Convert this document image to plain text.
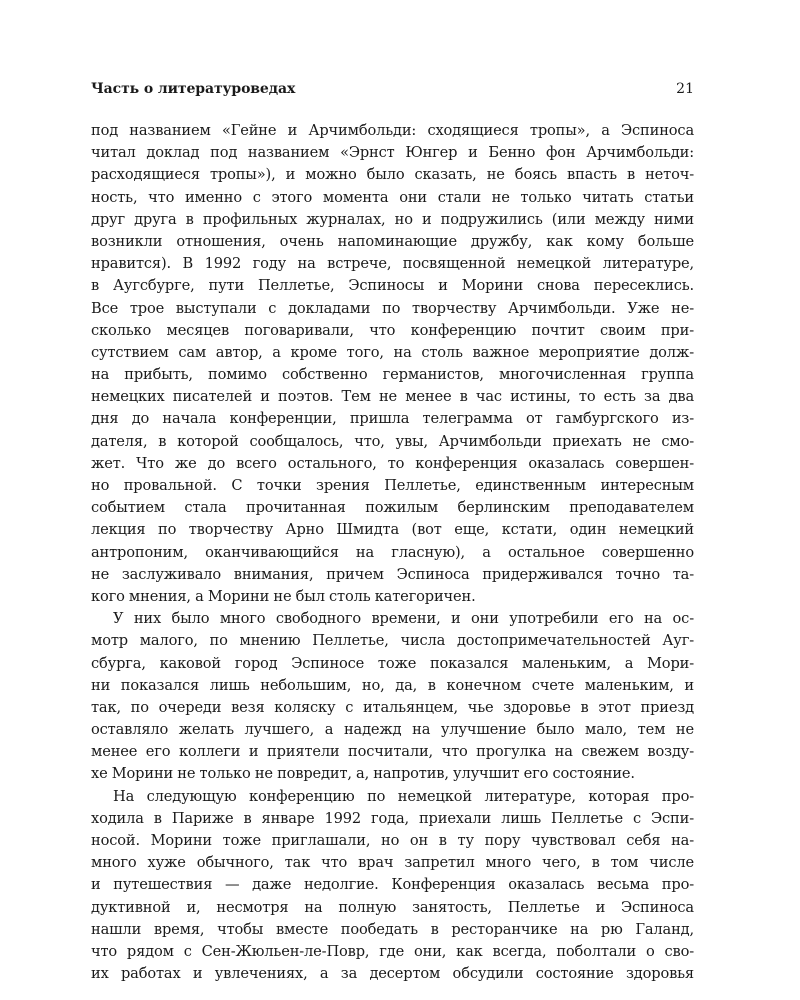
Часть о литературоведах	21
под названием «Гейне и Арчимбольди: сходящиеся тропы», а Эспиноса
читал доклад под названием «Эрнст Юнгер и Бенно фон Арчимбольди:
расходящиеся тропы»), и можно было сказать, не боясь впасть в неточ-
ность, что именно с этого момента они стали не только читать статьи
друг друга в профильных журналах, но и подружились (или между ними
возникли отношения, очень напоминающие дружбу, как кому больше
нравится). В 1992 году на встрече, посвященной немецкой литературе,
в Аугсбурге, пути Пеллетье, Эспиносы и Морини снова пересеклись.
Все трое выступали с докладами по творчеству Арчимбольди. Уже не-
сколько месяцев поговаривали, что конференцию почтит своим при-
сутствием сам автор, а кроме того, на столь важное мероприятие долж-
на прибыть, помимо собственно германистов, многочисленная группа
немецких писателей и поэтов. Тем не менее в час истины, то есть за два
дня до начала конференции, пришла телеграмма от гамбургского из-
дателя, в которой сообщалось, что, увы, Арчимбольди приехать не смо-
жет. Что же до всего остального, то конференция оказалась совершен-
но провальной. С точки зрения Пеллетье, единственным интересным
событием стала прочитанная пожилым берлинским преподавателем
лекция по творчеству Арно Шмидта (вот еще, кстати, один немецкий
антропоним, оканчивающийся на гласную), а остальное совершенно
не заслуживало внимания, причем Эспиноса придерживался точно та-
кого мнения, а Морини не был столь категоричен.
У них было много свободного времени, и они употребили его на ос-
мотр малого, по мнению Пеллетье, числа достопримечательностей Ауг-
сбурга, каковой город Эспиносе тоже показался маленьким, а Мори-
ни показался лишь небольшим, но, да, в конечном счете маленьким, и
так, по очереди везя коляску с итальянцем, чье здоровье в этот приезд
оставляло желать лучшего, а надежд на улучшение было мало, тем не
менее его коллеги и приятели посчитали, что прогулка на свежем возду-
хе Морини не только не повредит, а, напротив, улучшит его состояние.
На следующую конференцию по немецкой литературе, которая про-
ходила в Париже в январе 1992 года, приехали лишь Пеллетье с Эспи-
носой. Морини тоже приглашали, но он в ту пору чувствовал себя на-
много хуже обычного, так что врач запретил много чего, в том числе
и путешествия — даже недолгие. Конференция оказалась весьма про-
дуктивной и, несмотря на полную занятость, Пеллетье и Эспиноса
нашли время, чтобы вместе пообедать в ресторанчике на рю Галанд,
что рядом с Сен-Жюльен-ле-Повр, где они, как всегда, поболтали о сво-
их работах и увлечениях, а за десертом обсудили состояние здоровья
